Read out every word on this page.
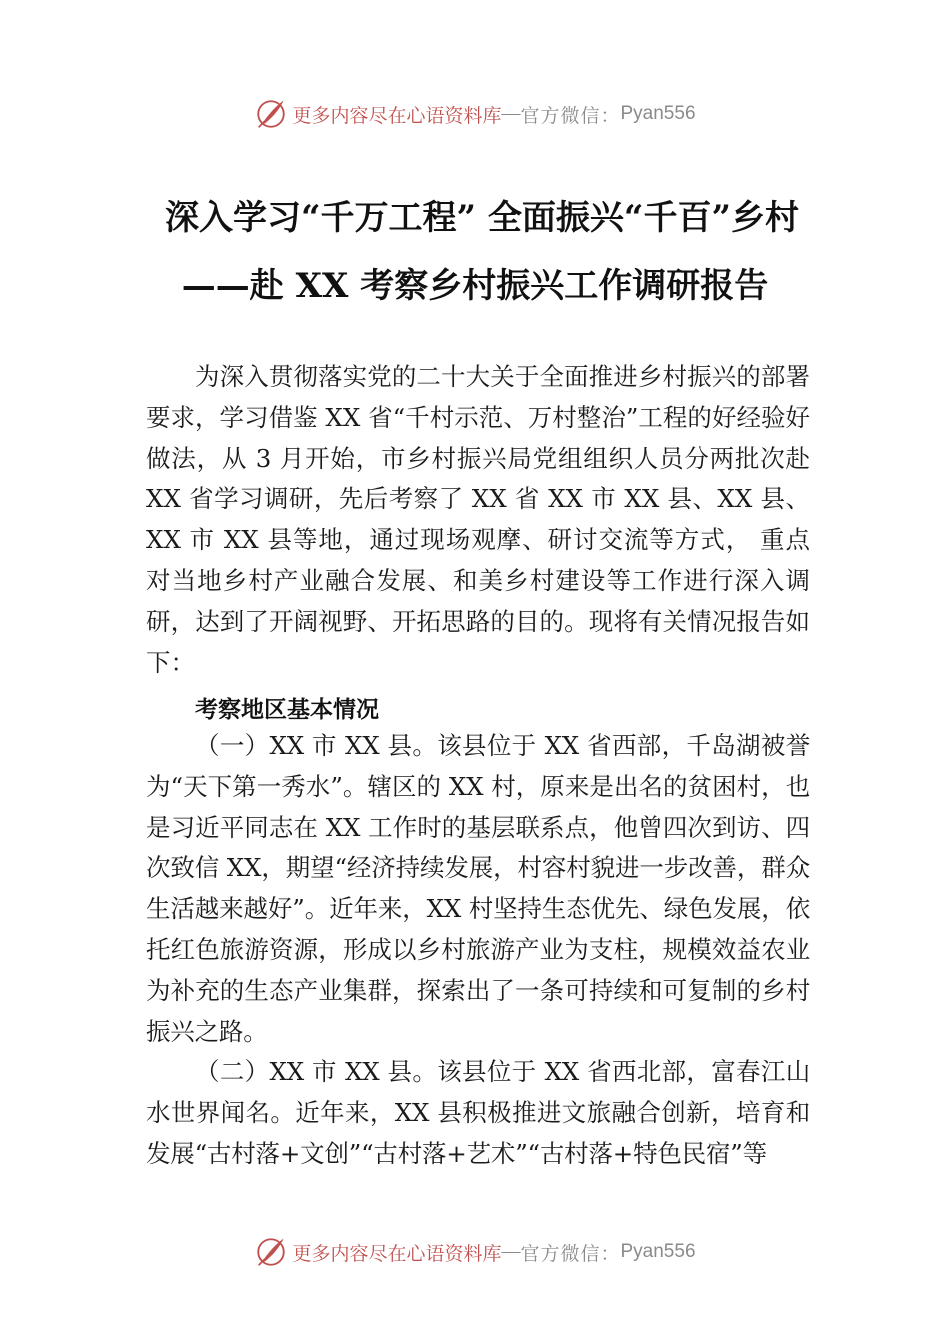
更多内容尽在心语资料库 — 官方微信： Pyan556
深入学习“千万工程” 全面振兴“千百”乡村
——赴 XX 考察乡村振兴工作调研报告

为深入贯彻落实党的二十大关于全面推进乡村振兴的部署要求，学习借鉴 XX 省“千村示范、万村整治”工程的好经验好做法，从 3 月开始，市乡村振兴局党组组织人员分两批次赴 XX 省学习调研，先后考察了 XX 省 XX 市 XX 县、XX 县、XX 市 XX 县等地，通过现场观摩、研讨交流等方式， 重点对当地乡村产业融合发展、和美乡村建设等工作进行深入调研，达到了开阔视野、开拓思路的目的。现将有关情况报告如下：

考察地区基本情况

（一）XX 市 XX 县。该县位于 XX 省西部，千岛湖被誉为“天下第一秀水”。辖区的 XX 村，原来是出名的贫困村，也是习近平同志在 XX 工作时的基层联系点，他曾四次到访、四次致信 XX，期望“经济持续发展，村容村貌进一步改善，群众生活越来越好”。近年来，XX 村坚持生态优先、绿色发展，依托红色旅游资源，形成以乡村旅游产业为支柱，规模效益农业为补充的生态产业集群，探索出了一条可持续和可复制的乡村振兴之路。

（二）XX 市 XX 县。该县位于 XX 省西北部，富春江山水世界闻名。近年来，XX 县积极推进文旅融合创新，培育和发展“古村落+文创”“古村落+艺术”“古村落+特色民宿”等

更多内容尽在心语资料库 — 官方微信： Pyan556
